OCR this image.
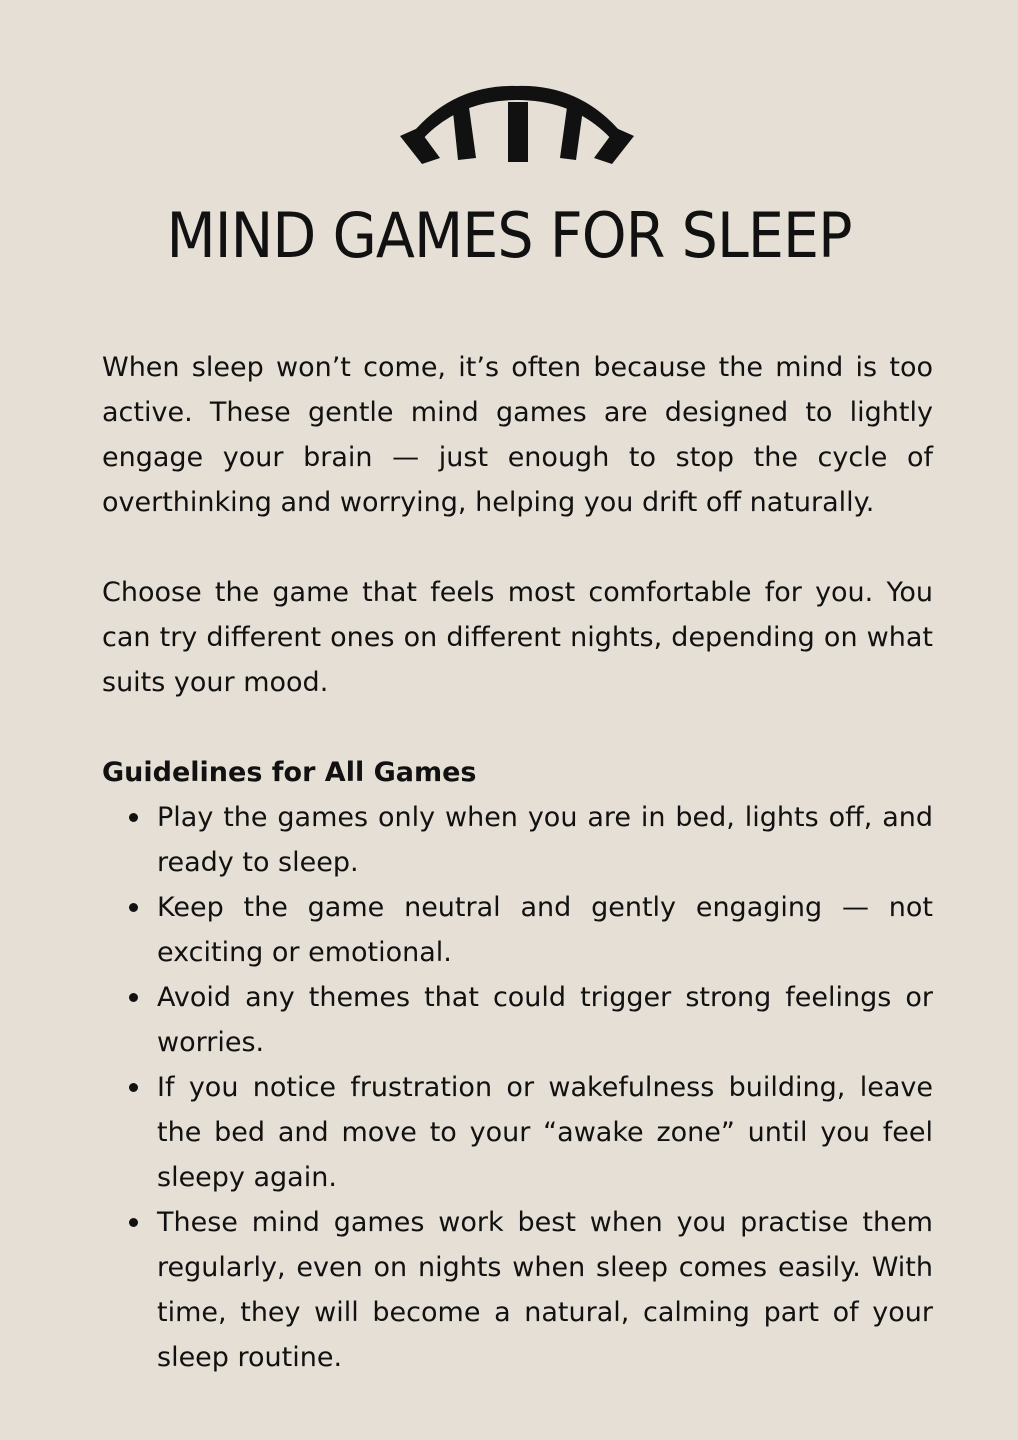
MIND GAMES FOR SLEEP

When sleep won’t come, it’s often because the mind is too active. These gentle mind games are designed to lightly engage your brain — just enough to stop the cycle of overthinking and worrying, helping you drift off naturally.

Choose the game that feels most comfortable for you. You can try different ones on different nights, depending on what suits your mood.

Guidelines for All Games
Play the games only when you are in bed, lights off, and ready to sleep.
Keep the game neutral and gently engaging — not exciting or emotional.
Avoid any themes that could trigger strong feelings or worries.
If you notice frustration or wakefulness building, leave the bed and move to your “awake zone” until you feel sleepy again.
These mind games work best when you practise them regularly, even on nights when sleep comes easily. With time, they will become a natural, calming part of your sleep routine.
